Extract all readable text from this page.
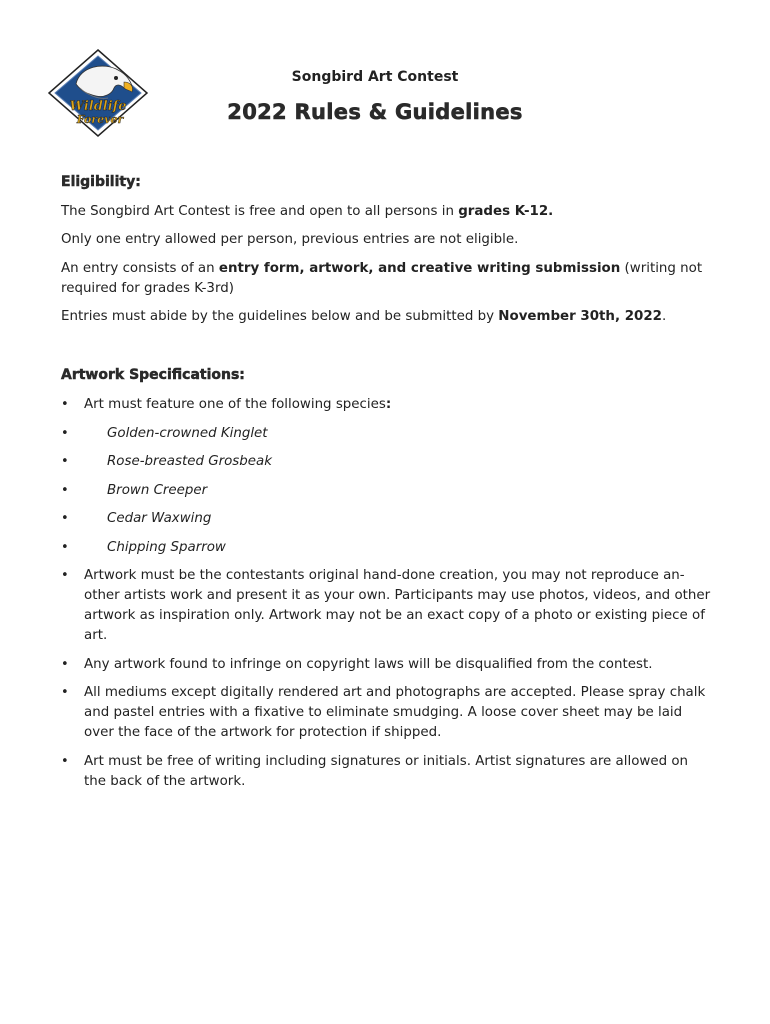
Wildlife
Forever
Songbird Art Contest
2022 Rules & Guidelines
Eligibility:
The Songbird Art Contest is free and open to all persons in grades K-12.
Only one entry allowed per person, previous entries are not eligible.
An entry consists of an entry form, artwork, and creative writing submission (writing not required for grades K-3rd)
Entries must abide by the guidelines below and be submitted by November 30th, 2022.
Artwork Specifications:
• Art must feature one of the following species:
• Golden-crowned Kinglet
• Rose-breasted Grosbeak
• Brown Creeper
• Cedar Waxwing
• Chipping Sparrow
• Artwork must be the contestants original hand-done creation, you may not reproduce an-other artists work and present it as your own. Participants may use photos, videos, and other artwork as inspiration only. Artwork may not be an exact copy of a photo or existing piece of art.
• Any artwork found to infringe on copyright laws will be disqualified from the contest.
• All mediums except digitally rendered art and photographs are accepted. Please spray chalk and pastel entries with a fixative to eliminate smudging. A loose cover sheet may be laid over the face of the artwork for protection if shipped.
• Art must be free of writing including signatures or initials. Artist signatures are allowed on the back of the artwork.
